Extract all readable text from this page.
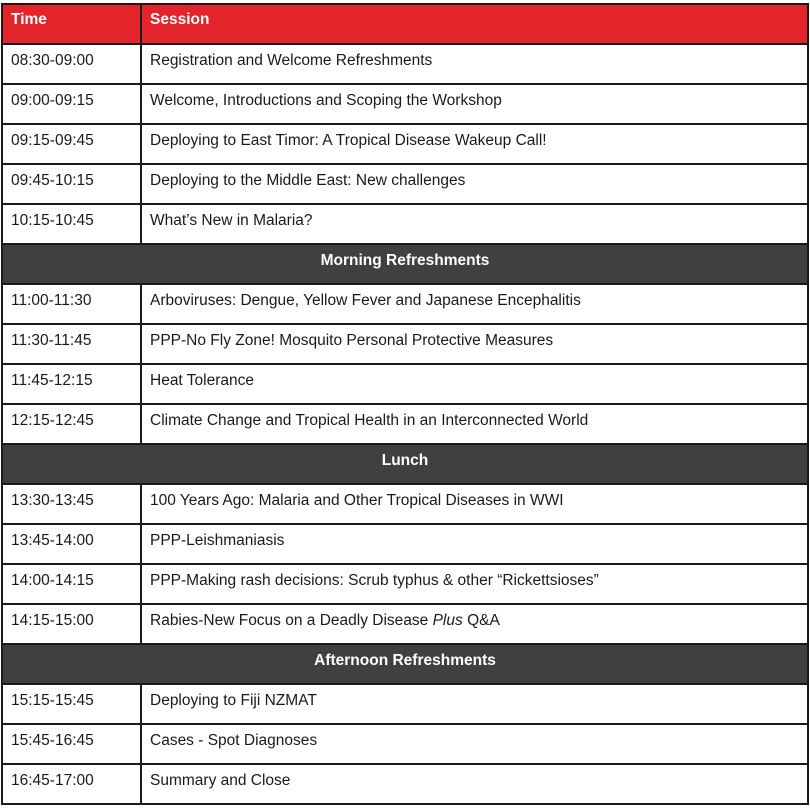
Time	Session
08:30-09:00	Registration and Welcome Refreshments
09:00-09:15	Welcome, Introductions and Scoping the Workshop
09:15-09:45	Deploying to East Timor: A Tropical Disease Wakeup Call!
09:45-10:15	Deploying to the Middle East: New challenges
10:15-10:45	What’s New in Malaria?
Morning Refreshments	
11:00-11:30	Arboviruses: Dengue, Yellow Fever and Japanese Encephalitis
11:30-11:45	PPP-No Fly Zone! Mosquito Personal Protective Measures
11:45-12:15	Heat Tolerance
12:15-12:45	Climate Change and Tropical Health in an Interconnected World
Lunch	
13:30-13:45	100 Years Ago: Malaria and Other Tropical Diseases in WWI
13:45-14:00	PPP-Leishmaniasis
14:00-14:15	PPP-Making rash decisions: Scrub typhus & other “Rickettsioses”
14:15-15:00	Rabies-New Focus on a Deadly Disease Plus Q&A
Afternoon Refreshments	
15:15-15:45	Deploying to Fiji NZMAT
15:45-16:45	Cases - Spot Diagnoses
16:45-17:00	Summary and Close
